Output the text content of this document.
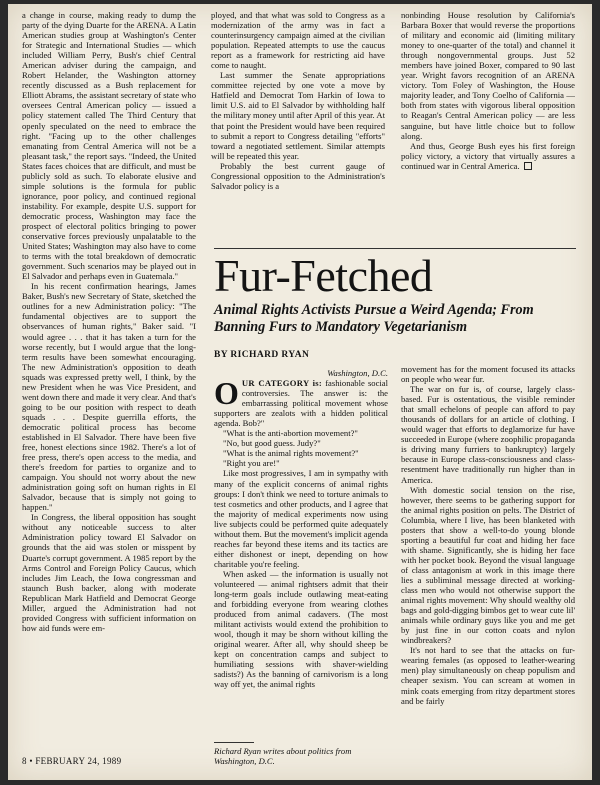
a change in course, making ready to dump the party of the dying Duarte for the ARENA. A Latin American studies group at Washington's Center for Strategic and International Studies — which included William Perry, Bush's chief Central American adviser during the campaign, and Robert Helander, the Washington attorney recently discussed as a Bush replacement for Elliott Abrams, the assistant secretary of state who oversees Central American policy — issued a policy statement called The Third Century that openly speculated on the need to embrace the right. "Facing up to the other challenges emanating from Central America will not be a pleasant task," the report says. "Indeed, the United States faces choices that are difficult, and must be publicly sold as such. To elaborate elusive and simple solutions is the formula for public ignorance, poor policy, and continued regional instability. For example, despite U.S. support for democratic process, Washington may face the prospect of electoral politics bringing to power conservative forces previously unpalatable to the United States; Washington may also have to come to terms with the total breakdown of democratic government. Such scenarios may be played out in El Salvador and perhaps even in Guatemala."

In his recent confirmation hearings, James Baker, Bush's new Secretary of State, sketched the outlines for a new Administration policy: "The fundamental objectives are to support the observances of human rights," Baker said. "I would agree . . . that it has taken a turn for the worse recently, but I would argue that the long-term results have been somewhat encouraging. The new Administration's opposition to death squads was expressed pretty well, I think, by the new President when he was Vice President, and went down there and made it very clear. And that's going to be our position with respect to death squads . . . Despite guerrilla efforts, the democratic political process has become established in El Salvador. There have been five free, honest elections since 1982. There's a lot of free press, there's open access to the media, and there's freedom for parties to organize and to campaign. You should not worry about the new administration going soft on human rights in El Salvador, because that is simply not going to happen."

In Congress, the liberal opposition has sought without any noticeable success to alter Administration policy toward El Salvador on grounds that the aid was stolen or misspent by Duarte's corrupt government. A 1985 report by the Arms Control and Foreign Policy Caucus, which includes Jim Leach, the Iowa congressman and staunch Bush backer, along with moderate Republican Mark Hatfield and Democrat George Miller, argued the Administration had not provided Congress with sufficient information on how aid funds were em-

ployed, and that what was sold to Congress as a modernization of the army was in fact a counterinsurgency campaign aimed at the civilian population. Repeated attempts to use the caucus report as a framework for restricting aid have come to naught.

Last summer the Senate appropriations committee rejected by one vote a move by Hatfield and Democrat Tom Harkin of Iowa to limit U.S. aid to El Salvador by withholding half the military money until after April of this year. At that point the President would have been required to submit a report to Congress detailing "efforts" toward a negotiated settlement. Similar attempts will be repeated this year.

Probably the best current gauge of Congressional opposition to the Administration's Salvador policy is a

nonbinding House resolution by California's Barbara Boxer that would reverse the proportions of military and economic aid (limiting military money to one-quarter of the total) and channel it through nongovernmental groups. Just 52 members have joined Boxer, compared to 90 last year. Wright favors recognition of an ARENA victory. Tom Foley of Washington, the House majority leader, and Tony Coelho of California — both from states with vigorous liberal opposition to Reagan's Central American policy — are less sanguine, but have little choice but to follow along.

And thus, George Bush eyes his first foreign policy victory, a victory that virtually assures a continued war in Central America.

Fur-Fetched
Animal Rights Activists Pursue a Weird Agenda; From Banning Furs to Mandatory Vegetarianism
BY RICHARD RYAN
Washington, D.C.

OUR CATEGORY is: fashionable social controversies. The answer is: the embarrassing political movement whose supporters are zealots with a hidden political agenda. Bob?"

"What is the anti-abortion movement?"

"No, but good guess. Judy?"

"What is the animal rights movement?"

"Right you are!"

Like most progressives, I am in sympathy with many of the explicit concerns of animal rights groups: I don't think we need to torture animals to test cosmetics and other products, and I agree that the majority of medical experiments now using live subjects could be performed quite adequately without them. But the movement's implicit agenda reaches far beyond these items and its tactics are either dishonest or inept, depending on how charitable you're feeling.

When asked — the information is usually not volunteered — animal rightsers admit that their long-term goals include outlawing meat-eating and forbidding everyone from wearing clothes produced from animal cadavers. (The most militant activists would extend the prohibition to wool, though it may be shorn without killing the original wearer. After all, why should sheep be kept on concentration camps and subject to humiliating sessions with shaver-wielding sadists?) As the banning of carnivorism is a long way off yet, the animal rights

movement has for the moment focused its attacks on people who wear fur.

The war on fur is, of course, largely class-based. Fur is ostentatious, the visible reminder that small echelons of people can afford to pay thousands of dollars for an article of clothing. I would wager that efforts to deglamorize fur have succeeded in Europe (where zoophilic propaganda is driving many furriers to bankruptcy) largely because in Europe class-consciousness and class-resentment have traditionally run higher than in America.

With domestic social tension on the rise, however, there seems to be gathering support for the animal rights position on pelts. The District of Columbia, where I live, has been blanketed with posters that show a well-to-do young blonde sporting a beautiful fur coat and hiding her face with shame. Significantly, she is hiding her face with her pocket book. Beyond the visual language of class antagonism at work in this image there lies a subliminal message directed at working-class men who would not otherwise support the animal rights movement: Why should wealthy old bags and gold-digging bimbos get to wear cute lil' animals while ordinary guys like you and me get by just fine in our cotton coats and nylon windbreakers?

It's not hard to see that the attacks on fur-wearing females (as opposed to leather-wearing men) play simultaneously on cheap populism and cheaper sexism. You can scream at women in mink coats emerging from ritzy department stores and be fairly

Richard Ryan writes about politics from Washington, D.C.
8 • FEBRUARY 24, 1989
